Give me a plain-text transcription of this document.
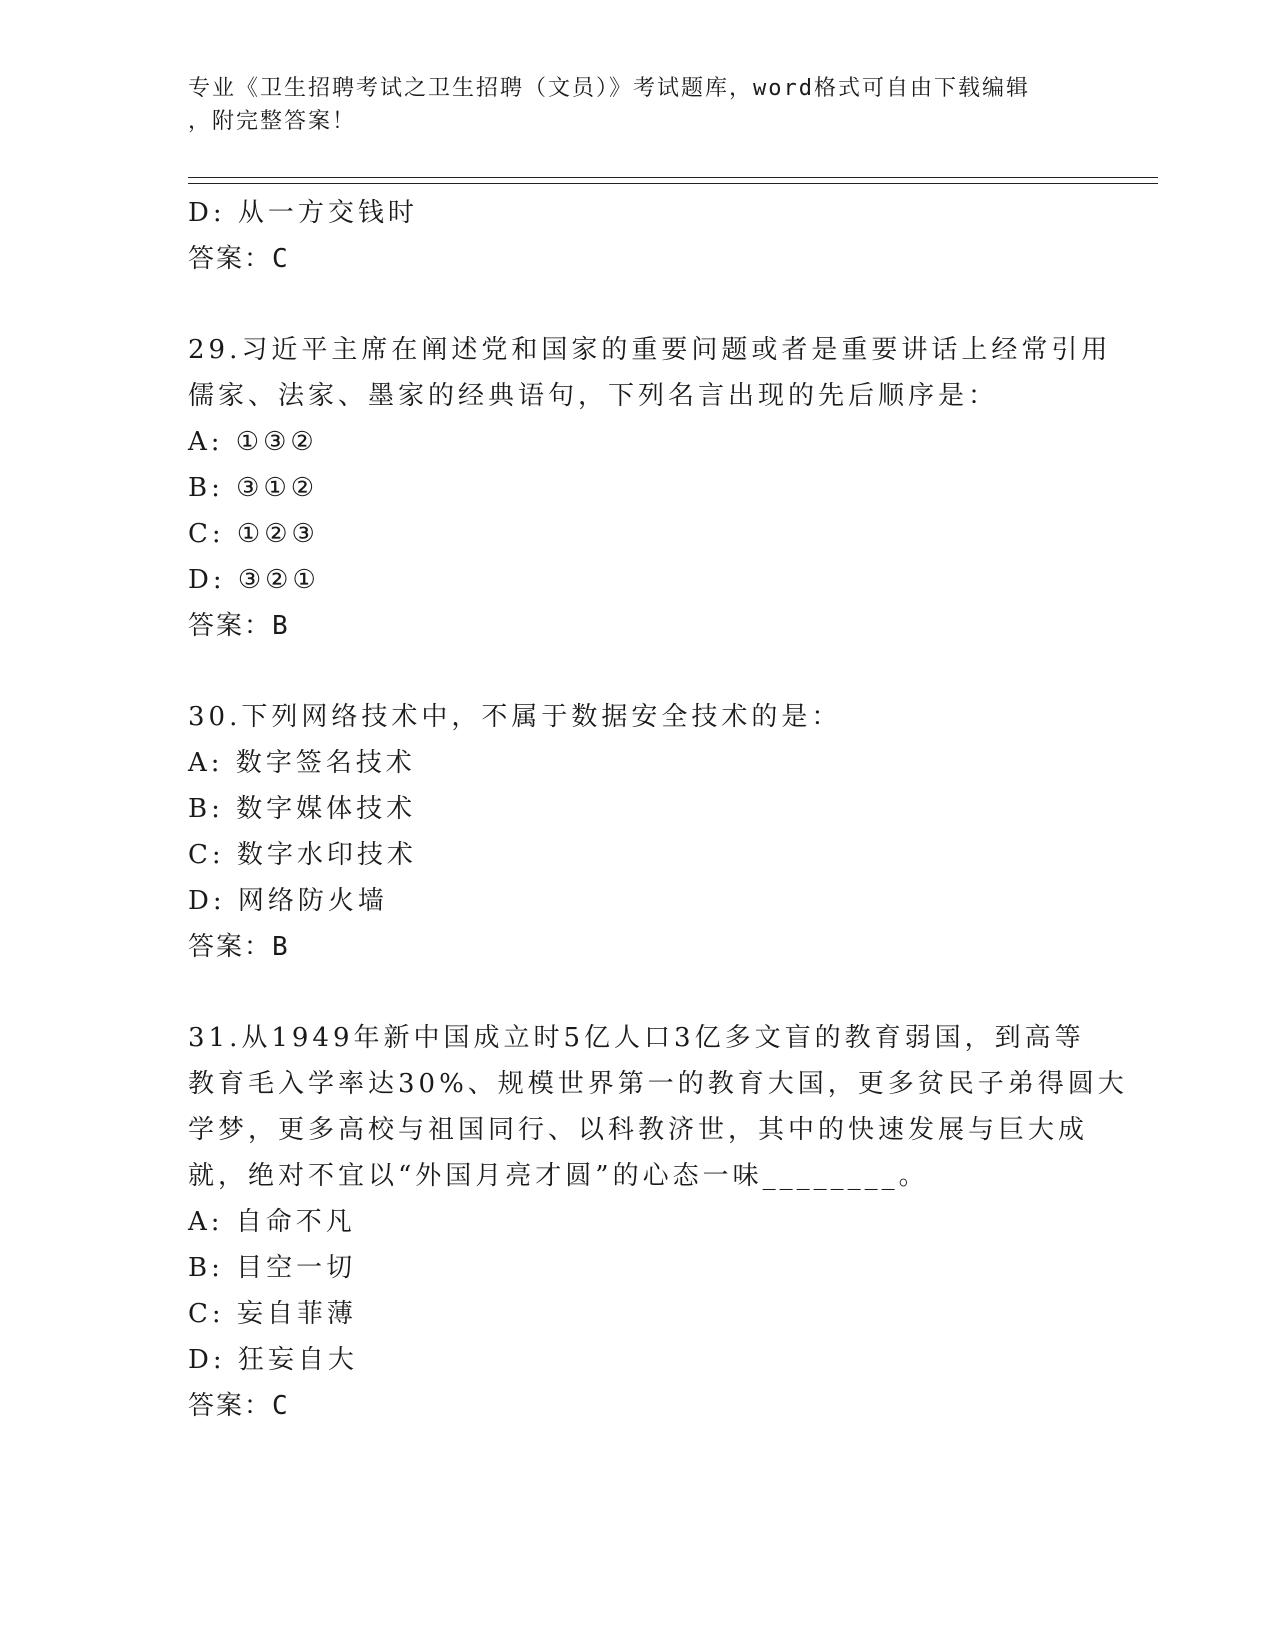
专业《卫生招聘考试之卫生招聘（文员）》考试题库，word格式可自由下载编辑
，附完整答案！
D: 从一方交钱时
答案：C
29.习近平主席在阐述党和国家的重要问题或者是重要讲话上经常引用
儒家、法家、墨家的经典语句，下列名言出现的先后顺序是：
A: ①③②
B: ③①②
C: ①②③
D: ③②①
答案：B
30.下列网络技术中，不属于数据安全技术的是：
A: 数字签名技术
B: 数字媒体技术
C: 数字水印技术
D: 网络防火墙
答案：B
31.从1949年新中国成立时5亿人口3亿多文盲的教育弱国，到高等
教育毛入学率达30%、规模世界第一的教育大国，更多贫民子弟得圆大
学梦，更多高校与祖国同行、以科教济世，其中的快速发展与巨大成
就，绝对不宜以“外国月亮才圆”的心态一味________。
A: 自命不凡
B: 目空一切
C: 妄自菲薄
D: 狂妄自大
答案：C
